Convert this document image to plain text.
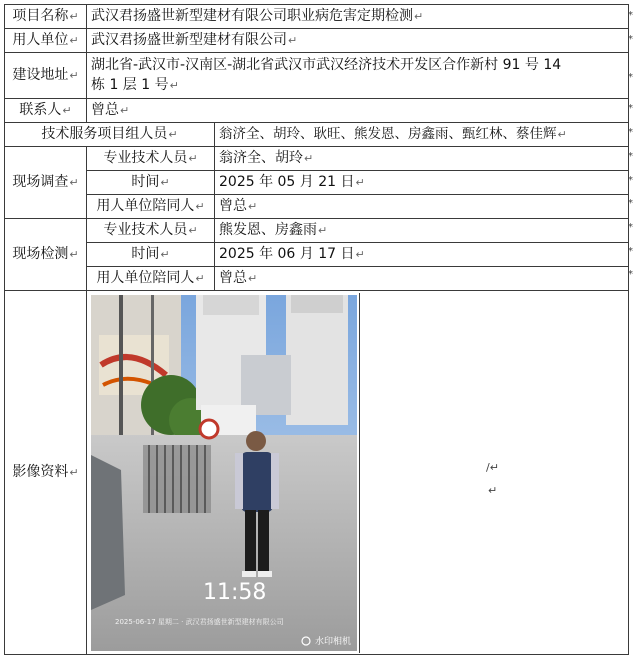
项目名称↵	武汉君扬盛世新型建材有限公司职业病危害定期检测↵	
用人单位↵	武汉君扬盛世新型建材有限公司↵	
建设地址↵	湖北省-武汉市-汉南区-湖北省武汉市武汉经济技术开发区合作新村 91 号 14
栋 1 层 1 号↵	

联系人↵	曾总↵	
技术服务项目组人员↵		翁济全、胡玲、耿旺、熊发恩、房鑫雨、甄红林、蔡佳辉↵
现场调查↵	专业技术人员↵	翁济全、胡玲↵
	时间↵	2025 年 05 月 21 日↵
	用人单位陪同人↵	曾总↵
现场检测↵	专业技术人员↵	熊发恩、房鑫雨↵
	时间↵	2025 年 06 月 17 日↵
	用人单位陪同人↵	曾总↵
影像资料↵	11:58
2025-06-17 星期二 · 武汉君扬盛世新型建材有限公司
水印相机
/↵
↵	
*
*
*
*
*
*
*
*
*
*
*
